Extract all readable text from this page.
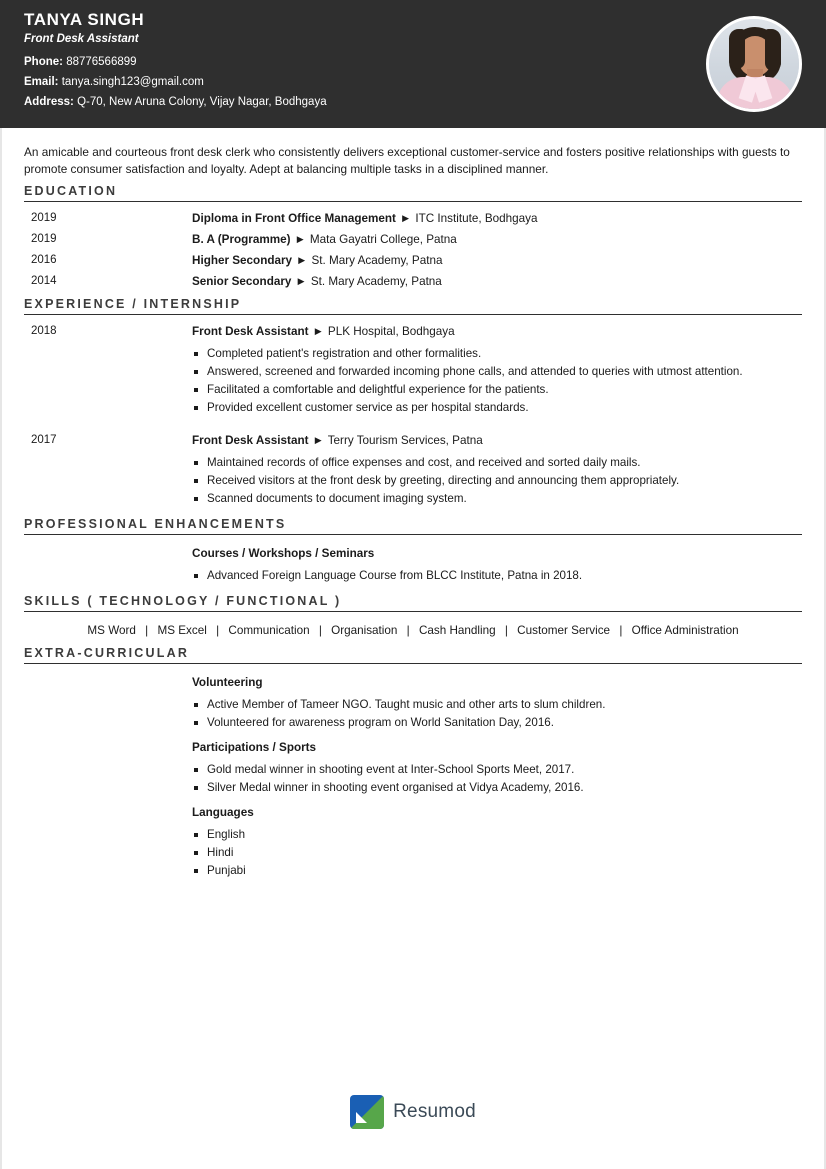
TANYA SINGH
Front Desk Assistant
Phone: 88776566899
Email: tanya.singh123@gmail.com
Address: Q-70, New Aruna Colony, Vijay Nagar, Bodhgaya
An amicable and courteous front desk clerk who consistently delivers exceptional customer-service and fosters positive relationships with guests to promote consumer satisfaction and loyalty. Adept at balancing multiple tasks in a disciplined manner.
EDUCATION
2019	Diploma in Front Office Management ▶ ITC Institute, Bodhgaya
2019	B. A (Programme) ▶ Mata Gayatri College, Patna
2016	Higher Secondary ▶ St. Mary Academy, Patna
2014	Senior Secondary ▶ St. Mary Academy, Patna
EXPERIENCE / INTERNSHIP
2018	Front Desk Assistant ▶ PLK Hospital, Bodhgaya
Completed patient's registration and other formalities.
Answered, screened and forwarded incoming phone calls, and attended to queries with utmost attention.
Facilitated a comfortable and delightful experience for the patients.
Provided excellent customer service as per hospital standards.
2017	Front Desk Assistant ▶ Terry Tourism Services, Patna
Maintained records of office expenses and cost, and received and sorted daily mails.
Received visitors at the front desk by greeting, directing and announcing them appropriately.
Scanned documents to document imaging system.
PROFESSIONAL ENHANCEMENTS
Courses / Workshops / Seminars
Advanced Foreign Language Course from BLCC Institute, Patna in 2018.
SKILLS ( TECHNOLOGY / FUNCTIONAL )
MS Word | MS Excel | Communication | Organisation | Cash Handling | Customer Service | Office Administration
EXTRA-CURRICULAR
Volunteering
Active Member of Tameer NGO. Taught music and other arts to slum children.
Volunteered for awareness program on World Sanitation Day, 2016.
Participations / Sports
Gold medal winner in shooting event at Inter-School Sports Meet, 2017.
Silver Medal winner in shooting event organised at Vidya Academy, 2016.
Languages
English
Hindi
Punjabi
Resumod
